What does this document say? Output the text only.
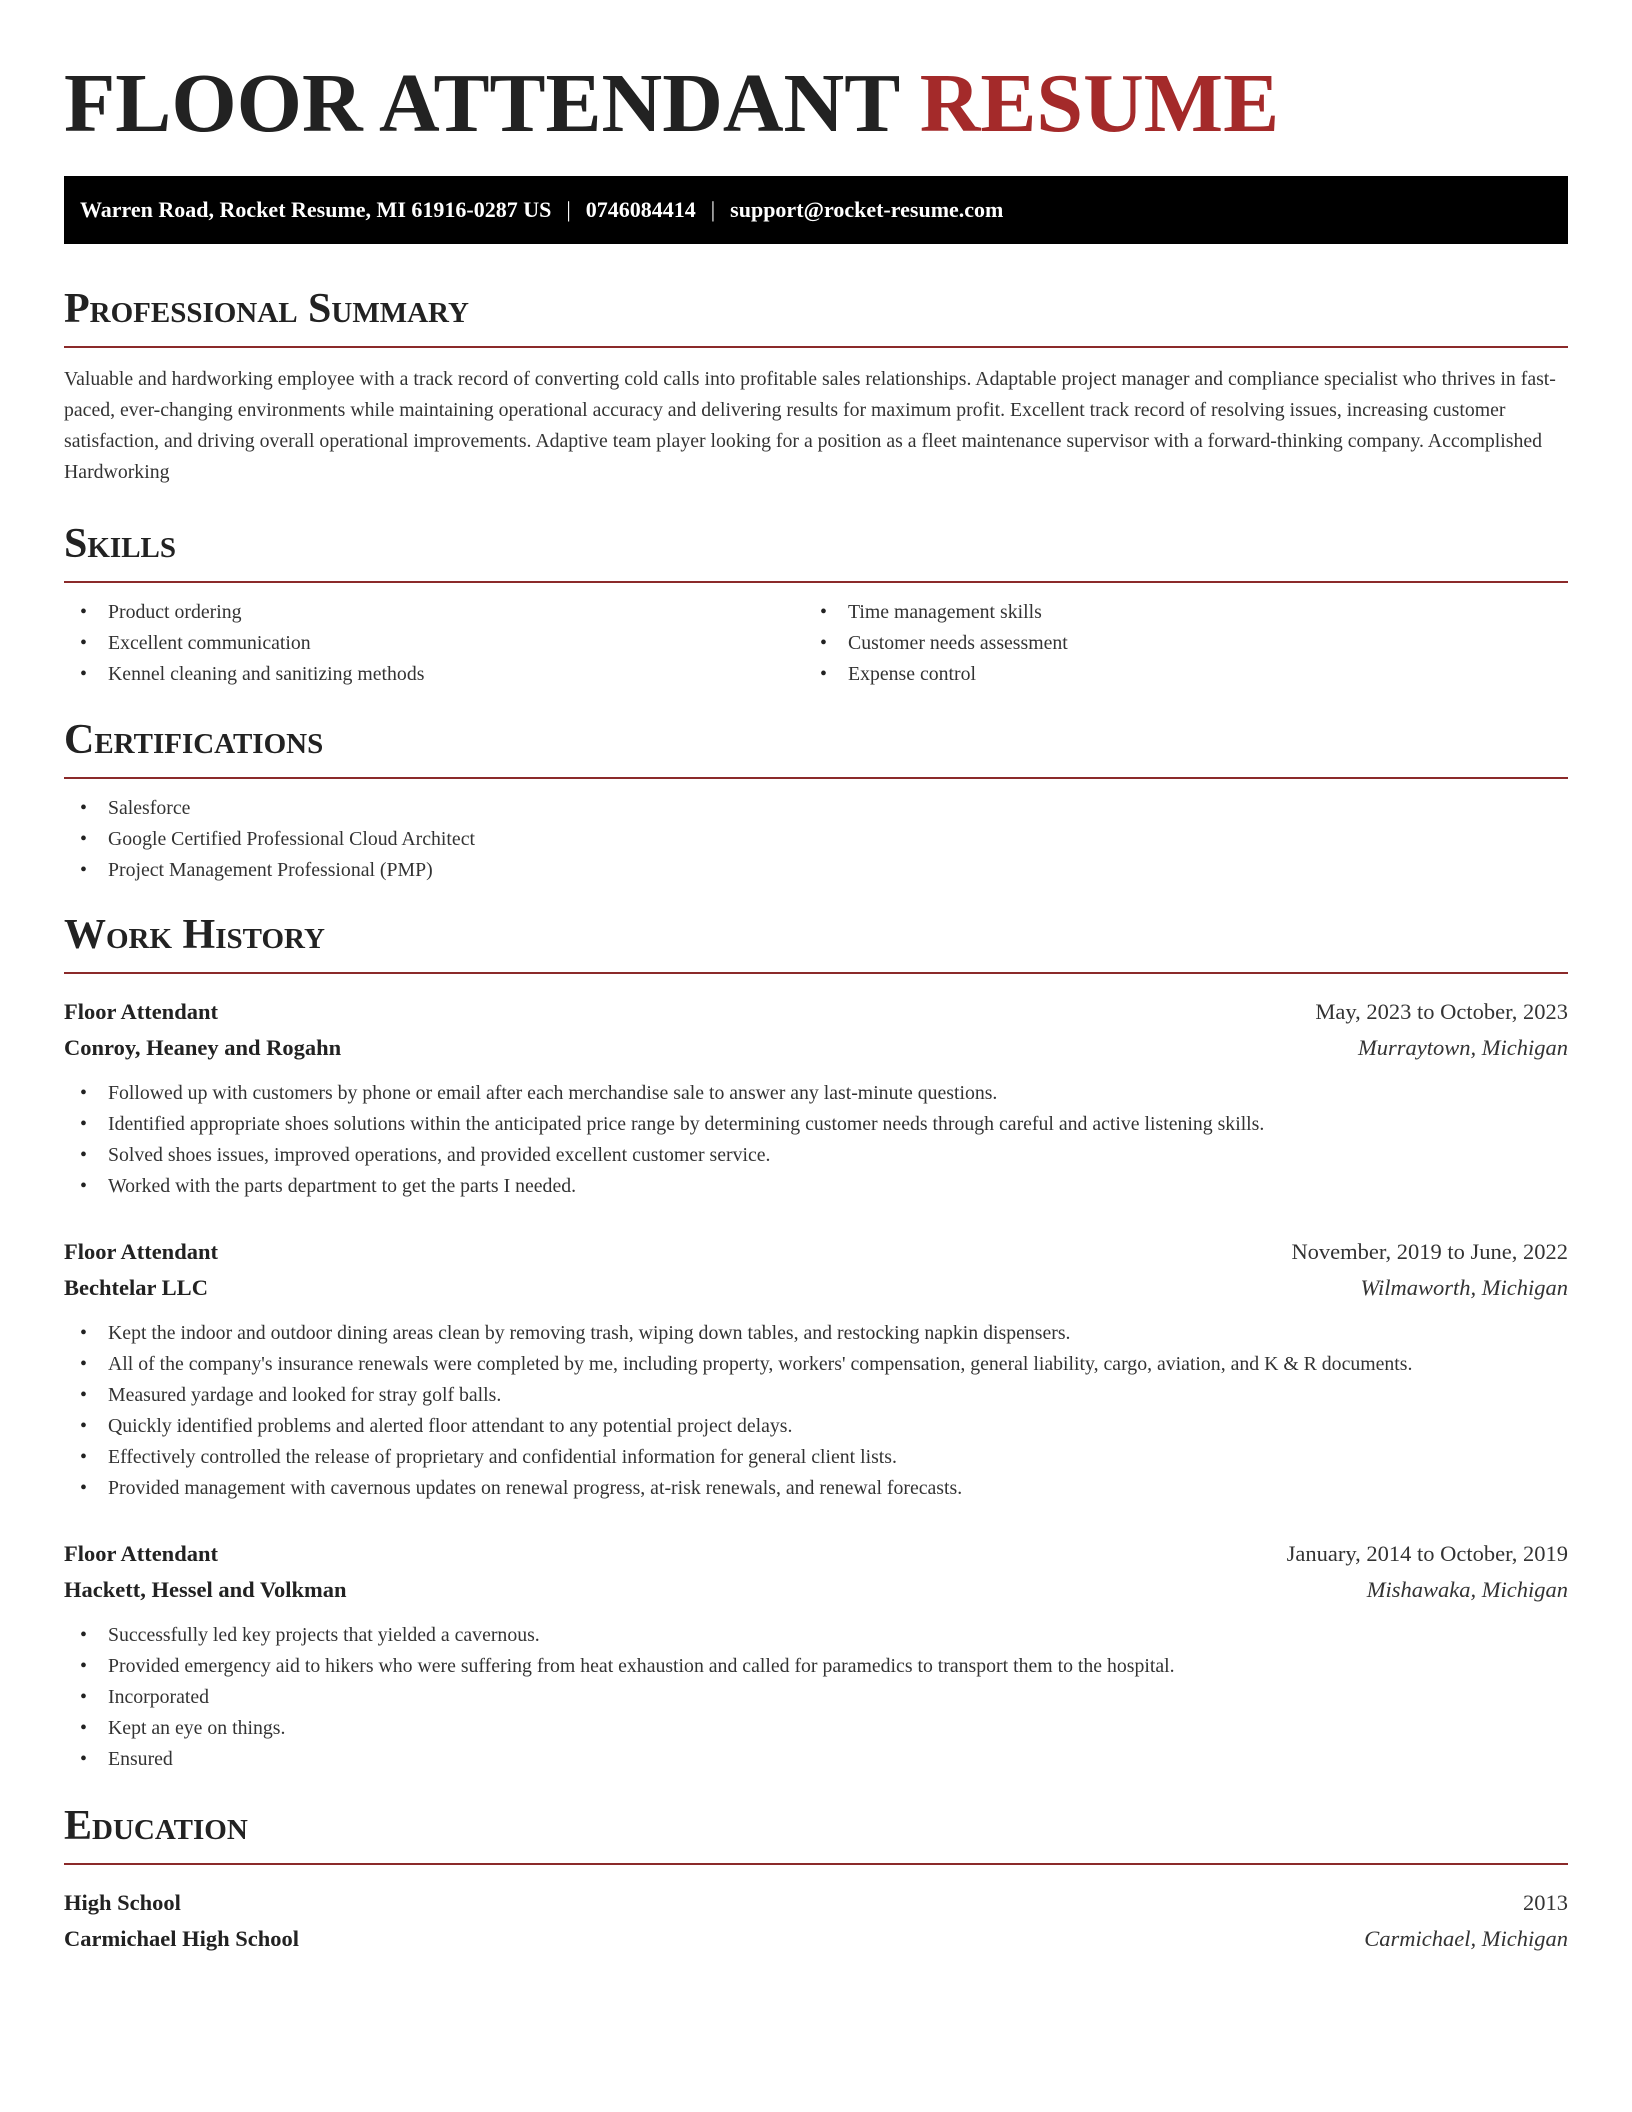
FLOOR ATTENDANT RESUME
Warren Road, Rocket Resume, MI 61916-0287 US | 0746084414 | support@rocket-resume.com
Professional Summary

Valuable and hardworking employee with a track record of converting cold calls into profitable sales relationships. Adaptable project manager and compliance specialist who thrives in fast-paced, ever-changing environments while maintaining operational accuracy and delivering results for maximum profit. Excellent track record of resolving issues, increasing customer satisfaction, and driving overall operational improvements. Adaptive team player looking for a position as a fleet maintenance supervisor with a forward-thinking company. Accomplished Hardworking

Skills
• Product ordering
• Excellent communication
• Kennel cleaning and sanitizing methods
• Time management skills
• Customer needs assessment
• Expense control
Certifications
• Salesforce
• Google Certified Professional Cloud Architect
• Project Management Professional (PMP)
Work History
Floor Attendant	May, 2023 to October, 2023
Conroy, Heaney and Rogahn	Murraytown, Michigan
• Followed up with customers by phone or email after each merchandise sale to answer any last-minute questions.
• Identified appropriate shoes solutions within the anticipated price range by determining customer needs through careful and active listening skills.
• Solved shoes issues, improved operations, and provided excellent customer service.
• Worked with the parts department to get the parts I needed.
Floor Attendant	November, 2019 to June, 2022
Bechtelar LLC	Wilmaworth, Michigan
• Kept the indoor and outdoor dining areas clean by removing trash, wiping down tables, and restocking napkin dispensers.
• All of the company's insurance renewals were completed by me, including property, workers' compensation, general liability, cargo, aviation, and K & R documents.
• Measured yardage and looked for stray golf balls.
• Quickly identified problems and alerted floor attendant to any potential project delays.
• Effectively controlled the release of proprietary and confidential information for general client lists.
• Provided management with cavernous updates on renewal progress, at-risk renewals, and renewal forecasts.
Floor Attendant	January, 2014 to October, 2019
Hackett, Hessel and Volkman	Mishawaka, Michigan
• Successfully led key projects that yielded a cavernous.
• Provided emergency aid to hikers who were suffering from heat exhaustion and called for paramedics to transport them to the hospital.
• Incorporated
• Kept an eye on things.
• Ensured
Education
High School	2013
Carmichael High School	Carmichael, Michigan
